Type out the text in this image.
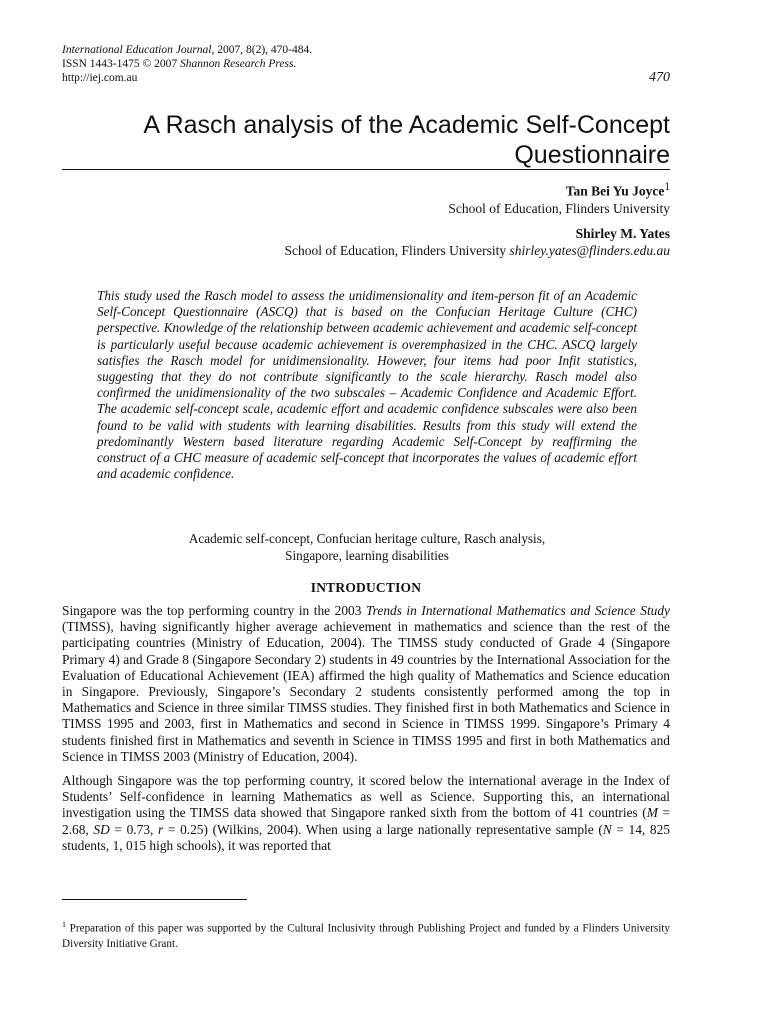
International Education Journal, 2007, 8(2), 470-484.
ISSN 1443-1475 © 2007 Shannon Research Press.
http://iej.com.au	470
A Rasch analysis of the Academic Self-Concept
Questionnaire
Tan Bei Yu Joyce$^1$
School of Education, Flinders University
Shirley M. Yates
School of Education, Flinders University shirley.yates@flinders.edu.au
This study used the Rasch model to assess the unidimensionality and item-person fit of an Academic Self-Concept Questionnaire (ASCQ) that is based on the Confucian Heritage Culture (CHC) perspective. Knowledge of the relationship between academic achievement and academic self-concept is particularly useful because academic achievement is overemphasized in the CHC. ASCQ largely satisfies the Rasch model for unidimensionality. However, four items had poor Infit statistics, suggesting that they do not contribute significantly to the scale hierarchy. Rasch model also confirmed the unidimensionality of the two subscales – Academic Confidence and Academic Effort. The academic self-concept scale, academic effort and academic confidence subscales were also been found to be valid with students with learning disabilities. Results from this study will extend the predominantly Western based literature regarding Academic Self-Concept by reaffirming the construct of a CHC measure of academic self-concept that incorporates the values of academic effort and academic confidence.
Academic self-concept, Confucian heritage culture, Rasch analysis,
Singapore, learning disabilities
INTRODUCTION

Singapore was the top performing country in the 2003 Trends in International Mathematics and Science Study (TIMSS), having significantly higher average achievement in mathematics and science than the rest of the participating countries (Ministry of Education, 2004). The TIMSS study conducted of Grade 4 (Singapore Primary 4) and Grade 8 (Singapore Secondary 2) students in 49 countries by the International Association for the Evaluation of Educational Achievement (IEA) affirmed the high quality of Mathematics and Science education in Singapore. Previously, Singapore’s Secondary 2 students consistently performed among the top in Mathematics and Science in three similar TIMSS studies. They finished first in both Mathematics and Science in TIMSS 1995 and 2003, first in Mathematics and second in Science in TIMSS 1999. Singapore’s Primary 4 students finished first in Mathematics and seventh in Science in TIMSS 1995 and first in both Mathematics and Science in TIMSS 2003 (Ministry of Education, 2004).

Although Singapore was the top performing country, it scored below the international average in the Index of Students’ Self-confidence in learning Mathematics as well as Science. Supporting this, an international investigation using the TIMSS data showed that Singapore ranked sixth from the bottom of 41 countries (M = 2.68, SD = 0.73, r = 0.25) (Wilkins, 2004). When using a large nationally representative sample (N = 14, 825 students, 1, 015 high schools), it was reported that

$^1$ Preparation of this paper was supported by the Cultural Inclusivity through Publishing Project and funded by a Flinders University Diversity Initiative Grant.
